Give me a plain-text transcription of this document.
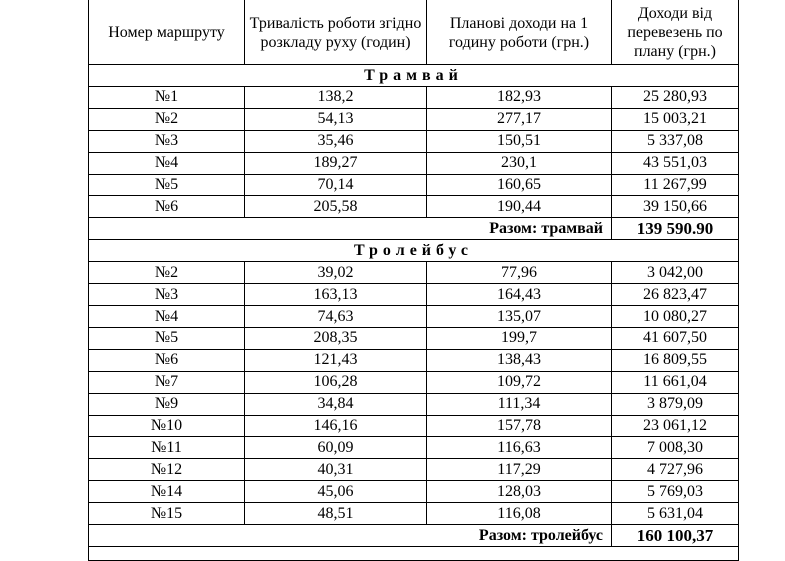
Номер маршруту	Тривалість роботи згідно розкладу руху (годин)	Планові доходи на 1 годину роботи (грн.)	Доходи від перевезень по плану (грн.)
Трамвай			
№1	138,2	182,93	25 280,93
№2	54,13	277,17	15 003,21
№3	35,46	150,51	5 337,08
№4	189,27	230,1	43 551,03
№5	70,14	160,65	11 267,99
№6	205,58	190,44	39 150,66
Разом: трамвай			139 590.90
Тролейбус			
№2	39,02	77,96	3 042,00
№3	163,13	164,43	26 823,47
№4	74,63	135,07	10 080,27
№5	208,35	199,7	41 607,50
№6	121,43	138,43	16 809,55
№7	106,28	109,72	11 661,04
№9	34,84	111,34	3 879,09
№10	146,16	157,78	23 061,12
№11	60,09	116,63	7 008,30
№12	40,31	117,29	4 727,96
№14	45,06	128,03	5 769,03
№15	48,51	116,08	5 631,04
Разом: тролейбус			160 100,37
